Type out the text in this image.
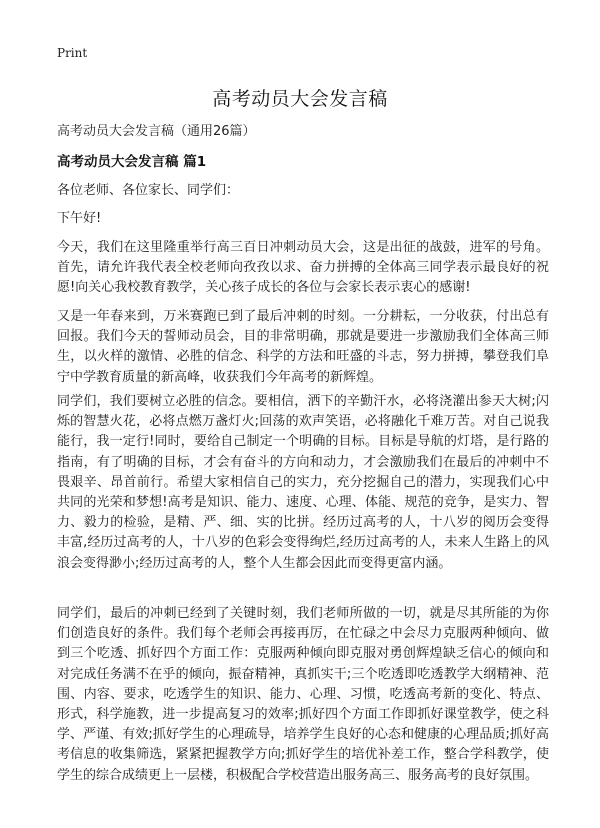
Print
高考动员大会发言稿
高考动员大会发言稿（通用26篇）
高考动员大会发言稿 篇1

各位老师、各位家长、同学们：

下午好!

今天，我们在这里隆重举行高三百日冲刺动员大会，这是出征的战鼓，进军的号角。首先，请允许我代表全校老师向孜孜以求、奋力拼搏的全体高三同学表示最良好的祝愿!向关心我校教育教学，关心孩子成长的各位与会家长表示衷心的感谢!

又是一年春来到，万米赛跑已到了最后冲刺的时刻。一分耕耘，一分收获，付出总有回报。我们今天的誓师动员会，目的非常明确，那就是要进一步激励我们全体高三师生，以火样的激情、必胜的信念、科学的方法和旺盛的斗志，努力拼搏，攀登我们阜宁中学教育质量的新高峰，收获我们今年高考的新辉煌。

同学们，我们要树立必胜的信念。要相信，洒下的辛勤汗水，必将浇灌出参天大树;闪烁的智慧火花，必将点燃万盏灯火;回荡的欢声笑语，必将融化千难万苦。对自己说我能行，我一定行!同时，要给自己制定一个明确的目标。目标是导航的灯塔，是行路的指南，有了明确的目标，才会有奋斗的方向和动力，才会激励我们在最后的冲刺中不畏艰辛、昂首前行。希望大家相信自己的实力，充分挖掘自己的潜力，实现我们心中共同的光荣和梦想!高考是知识、能力、速度、心理、体能、规范的竞争，是实力、智力、毅力的检验，是精、严、细、实的比拼。经历过高考的人，十八岁的阅历会变得丰富,经历过高考的人，十八岁的色彩会变得绚烂,经历过高考的人，未来人生路上的风浪会变得渺小;经历过高考的人，整个人生都会因此而变得更富内涵。

同学们，最后的冲刺已经到了关键时刻，我们老师所做的一切，就是尽其所能的为你们创造良好的条件。我们每个老师会再接再厉，在忙碌之中会尽力克服两种倾向、做到三个吃透、抓好四个方面工作：克服两种倾向即克服对勇创辉煌缺乏信心的倾向和对完成任务满不在乎的倾向，振奋精神，真抓实干;三个吃透即吃透教学大纲精神、范围、内容、要求，吃透学生的知识、能力、心理、习惯，吃透高考新的变化、特点、形式，科学施教，进一步提高复习的效率;抓好四个方面工作即抓好课堂教学，使之科学、严谨、有效;抓好学生的心理疏导，培养学生良好的心态和健康的心理品质;抓好高考信息的收集筛选，紧紧把握教学方向;抓好学生的培优补差工作，整合学科教学，使学生的综合成绩更上一层楼，积极配合学校营造出服务高三、服务高考的良好氛围。
